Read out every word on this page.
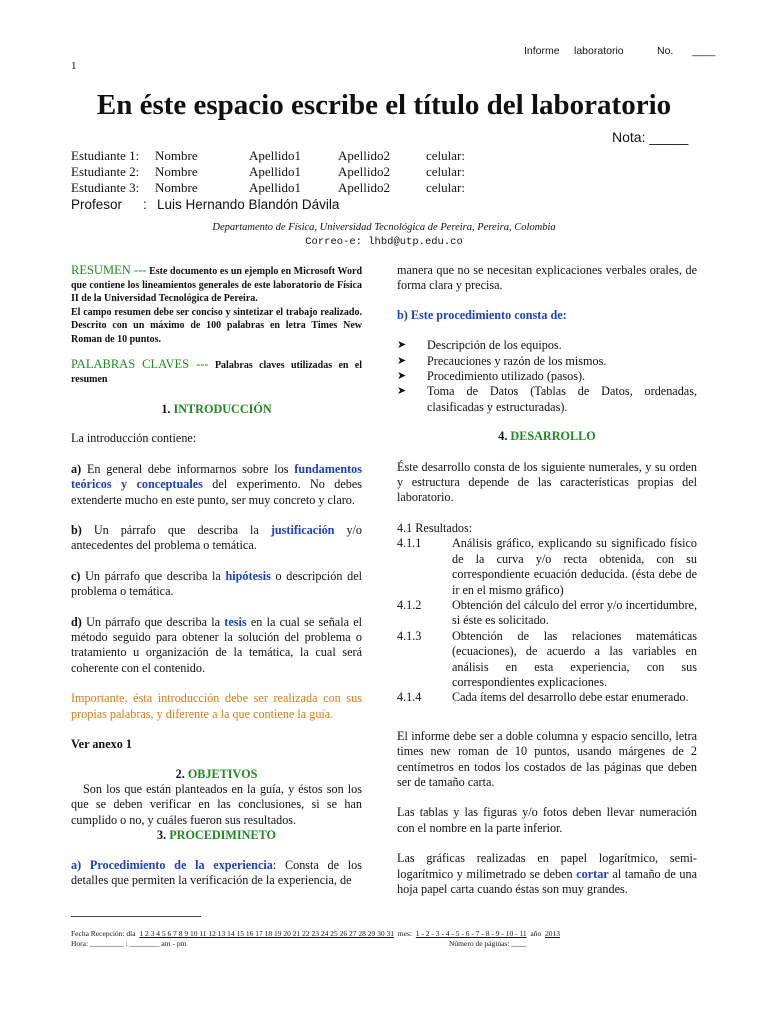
Informe laboratorio	No. ____
1
En éste espacio escribe el título del laboratorio
Nota: _____
Estudiante 1: Nombre	Apellido1	Apellido2	celular:
Estudiante 2: Nombre	Apellido1	Apellido2	celular:
Estudiante 3: Nombre	Apellido1	Apellido2	celular:
Profesor : Luis Hernando Blandón Dávila
Departamento de Física, Universidad Tecnológica de Pereira, Pereira, Colombia
Correo-e: lhbd@utp.edu.co

RESUMEN --- Este documento es un ejemplo en Microsoft Word que contiene los lineamientos generales de este laboratorio de Física II de la Universidad Tecnológica de Pereira.
El campo resumen debe ser conciso y sintetizar el trabajo realizado. Descrito con un máximo de 100 palabras en letra Times New Roman de 10 puntos.

PALABRAS CLAVES --- Palabras claves utilizadas en el resumen

1. INTRODUCCIÓN

La introducción contiene:

a) En general debe informarnos sobre los fundamentos teóricos y conceptuales del experimento. No debes extenderte mucho en este punto, ser muy concreto y claro.

b) Un párrafo que describa la justificación y/o antecedentes del problema o temática.

c) Un párrafo que describa la hipótesis o descripción del problema o temática.

d) Un párrafo que describa la tesis en la cual se señala el método seguido para obtener la solución del problema o tratamiento u organización de la temática, la cual será coherente con el contenido.

Importante, ésta introducción debe ser realizada con sus propias palabras, y diferente a la que contiene la guía.

Ver anexo 1

2. OBJETIVOS

Son los que están planteados en la guía, y éstos son los que se deben verificar en las conclusiones, si se han cumplido o no, y cuáles fueron sus resultados.

3. PROCEDIMINETO

a) Procedimiento de la experiencia: Consta de los detalles que permiten la verificación de la experiencia, de

manera que no se necesitan explicaciones verbales orales, de forma clara y precisa.

b) Este procedimiento consta de:

➤ Descripción de los equipos.
➤ Precauciones y razón de los mismos.
➤ Procedimiento utilizado (pasos).
➤ Toma de Datos (Tablas de Datos, ordenadas, clasificadas y estructuradas).

4. DESARROLLO

Éste desarrollo consta de los siguiente numerales, y su orden y estructura depende de las características propias del laboratorio.

4.1 Resultados:

4.1.1	Análisis gráfico, explicando su significado físico de la curva y/o recta obtenida, con su correspondiente ecuación deducida. (ésta debe de ir en el mismo gráfico)
4.1.2	Obtención del cálculo del error y/o incertidumbre, si éste es solicitado.
4.1.3	Obtención de las relaciones matemáticas (ecuaciones), de acuerdo a las variables en análisis en esta experiencia, con sus correspondientes explicaciones.
4.1.4	Cada ítems del desarrollo debe estar enumerado.

El informe debe ser a doble columna y espacio sencillo, letra times new roman de 10 puntos, usando márgenes de 2 centímetros en todos los costados de las páginas que deben ser de tamaño carta.

Las tablas y las figuras y/o fotos deben llevar numeración con el nombre en la parte inferior.

Las gráficas realizadas en papel logarítmico, semi-logarítmico y milimetrado se deben cortar al tamaño de una hoja papel carta cuando éstas son muy grandes.

Fecha Recepción: día 1 2 3 4 5 6 7 8 9 10 11 12 13 14 15 16 17 18 19 20 21 22 23 24 25 26 27 28 29 30 31 mes: 1 - 2 - 3 - 4 - 5 - 6 - 7 - 8 - 9 - 10 - 11 año 2013
Hora: _________ : ________ am - pm	Número de páginas: ____
